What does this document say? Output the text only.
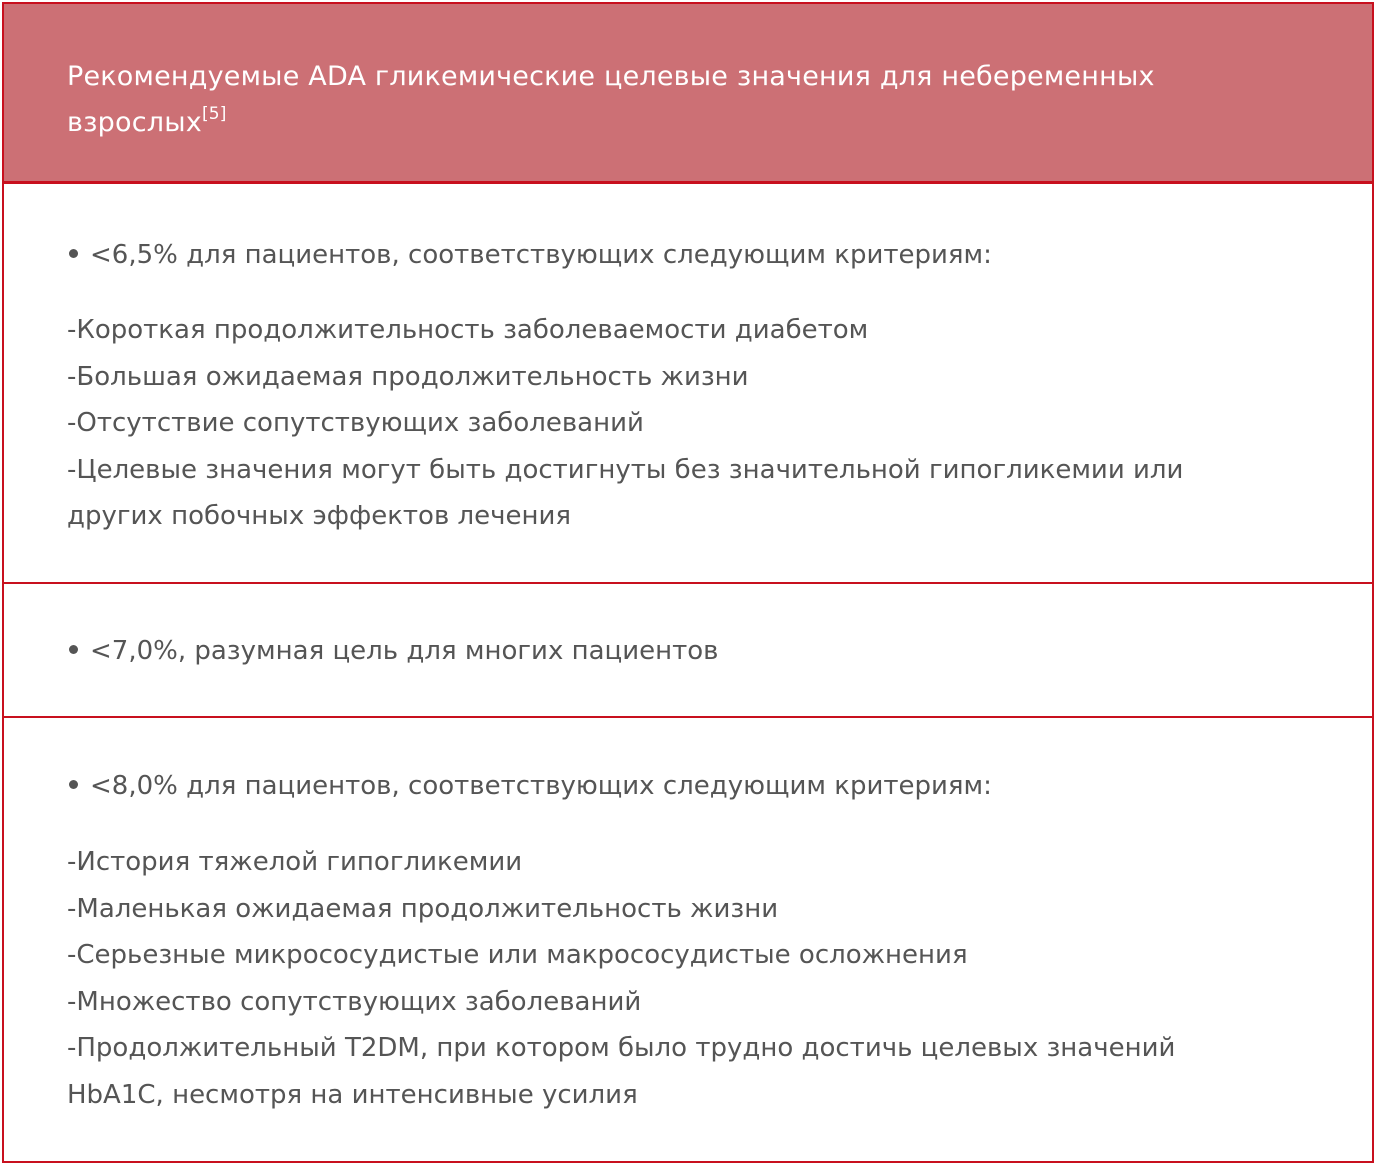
Рекомендуемые ADA гликемические целевые значения для небеременных
взрослых[5]
<6,5% для пациентов, соответствующих следующим критериям:
-Короткая продолжительность заболеваемости диабетом
-Большая ожидаемая продолжительность жизни
-Отсутствие сопутствующих заболеваний
-Целевые значения могут быть достигнуты без значительной гипогликемии или
других побочных эффектов лечения
<7,0%, разумная цель для многих пациентов
<8,0% для пациентов, соответствующих следующим критериям:
-История тяжелой гипогликемии
-Маленькая ожидаемая продолжительность жизни
-Серьезные микрососудистые или макрососудистые осложнения
-Множество сопутствующих заболеваний
-Продолжительный T2DM, при котором было трудно достичь целевых значений
HbA1C, несмотря на интенсивные усилия
